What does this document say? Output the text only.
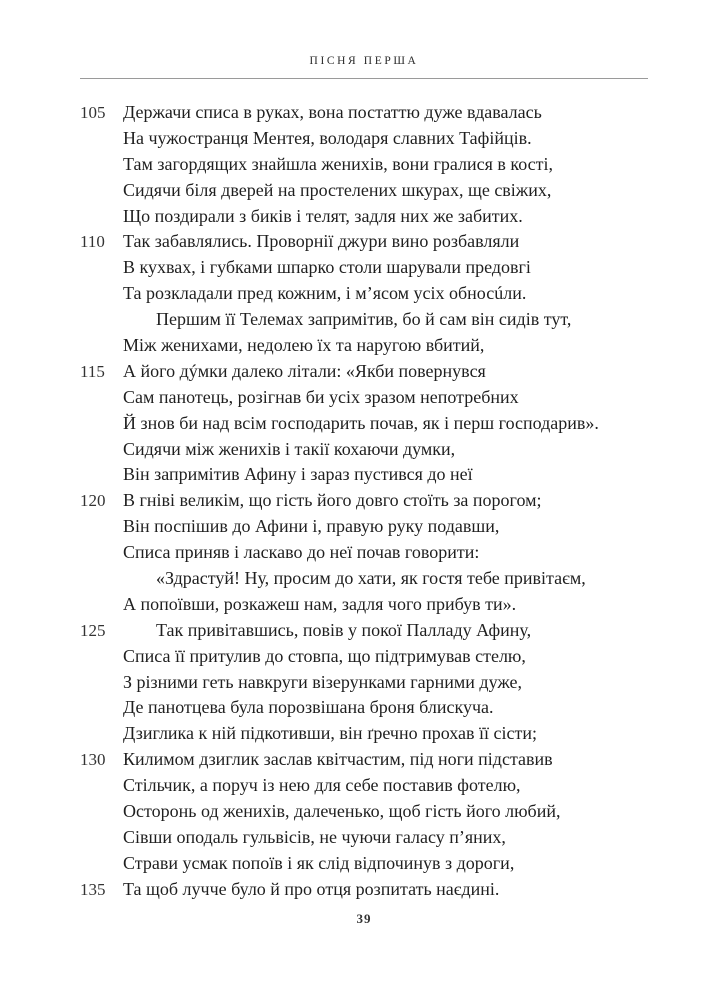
ПІСНЯ ПЕРША
105 Держачи списа в руках, вона постаттю дуже вдавалась
На чужостранця Ментея, володаря славних Тафійців.
Там загордящих знайшла женихів, вони гралися в кості,
Сидячи біля дверей на простелених шкурах, ще свіжих,
Що поздирали з биків і телят, задля них же забитих.
110 Так забавлялись. Проворнії джури вино розбавляли
В кухвах, і губками шпарко столи шарували предовгі
Та розкладали пред кожним, і м’ясом усіх обносúли.
Першим її Телемах запримітив, бо й сам він сидів тут,
Між женихами, недолею їх та наругою вбитий,
115 А його дýмки далеко літали: «Якби повернувся
Сам панотець, розігнав би усіх зразом непотребних
Й знов би над всім господарить почав, як і перш господарив».
Сидячи між женихів і такії кохаючи думки,
Він запримітив Афину і зараз пустився до неї
120 В гніві великім, що гість його довго стоїть за порогом;
Він поспішив до Афини і, правую руку подавши,
Списа приняв і ласкаво до неї почав говорити:
«Здрастуй! Ну, просим до хати, як гостя тебе привітаєм,
А попоївши, розкажеш нам, задля чого прибув ти».
125	Так привітавшись, повів у покої Палладу Афину,
Списа її притулив до стовпа, що підтримував стелю,
З різними геть навкруги візерунками гарними дуже,
Де панотцева була порозвішана броня блискуча.
Дзиглика к ній підкотивши, він ґречно прохав її сісти;
130 Килимом дзиглик заслав квітчастим, під ноги підставив
Стільчик, а поруч із нею для себе поставив фотелю,
Осторонь од женихів, далеченько, щоб гість його любий,
Сівши оподаль гульвісів, не чуючи галасу п’яних,
Страви усмак попоїв і як слід відпочинув з дороги,
135 Та щоб лучче було й про отця розпитать наєдині.
39
